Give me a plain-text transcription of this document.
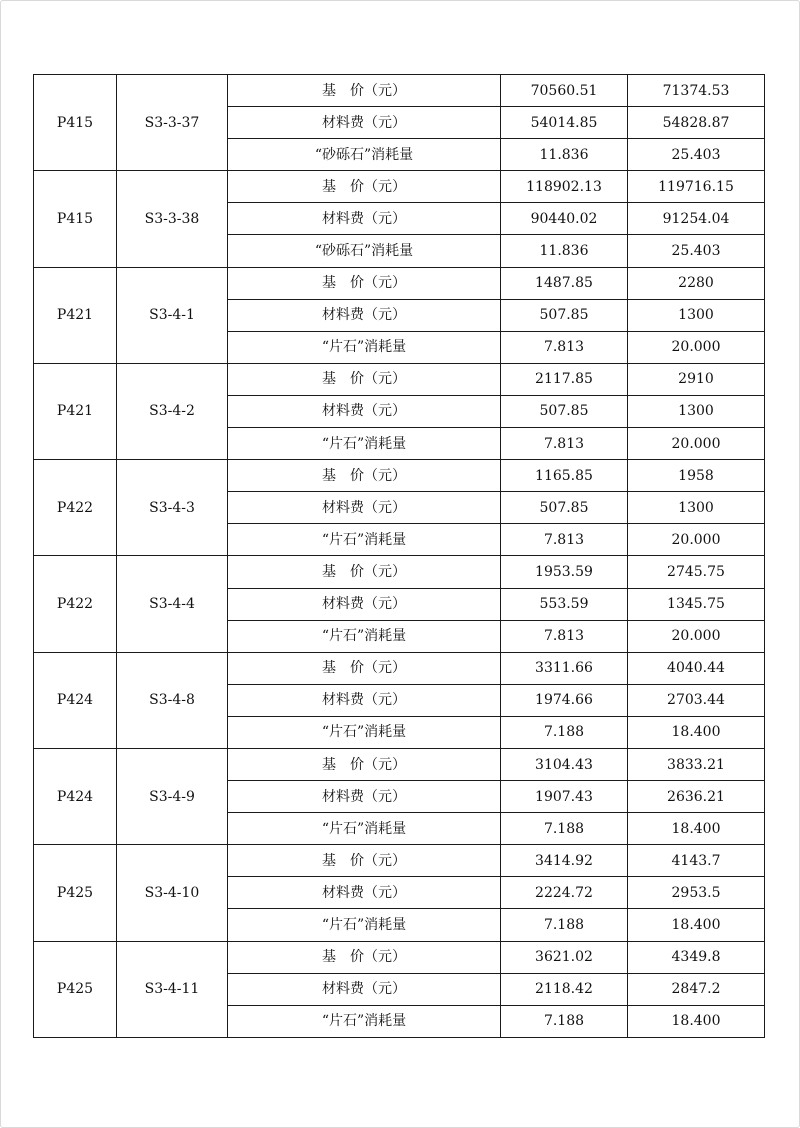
P415	S3-3-37	基　价（元）	70560.51	71374.53
		材料费（元）	54014.85	54828.87
		“砂砾石”消耗量	11.836	25.403
P415	S3-3-38	基　价（元）	118902.13	119716.15
		材料费（元）	90440.02	91254.04
		“砂砾石”消耗量	11.836	25.403
P421	S3-4-1	基　价（元）	1487.85	2280
		材料费（元）	507.85	1300
		“片石”消耗量	7.813	20.000
P421	S3-4-2	基　价（元）	2117.85	2910
		材料费（元）	507.85	1300
		“片石”消耗量	7.813	20.000
P422	S3-4-3	基　价（元）	1165.85	1958
		材料费（元）	507.85	1300
		“片石”消耗量	7.813	20.000
P422	S3-4-4	基　价（元）	1953.59	2745.75
		材料费（元）	553.59	1345.75
		“片石”消耗量	7.813	20.000
P424	S3-4-8	基　价（元）	3311.66	4040.44
		材料费（元）	1974.66	2703.44
		“片石”消耗量	7.188	18.400
P424	S3-4-9	基　价（元）	3104.43	3833.21
		材料费（元）	1907.43	2636.21
		“片石”消耗量	7.188	18.400
P425	S3-4-10	基　价（元）	3414.92	4143.7
		材料费（元）	2224.72	2953.5
		“片石”消耗量	7.188	18.400
P425	S3-4-11	基　价（元）	3621.02	4349.8
		材料费（元）	2118.42	2847.2
		“片石”消耗量	7.188	18.400
